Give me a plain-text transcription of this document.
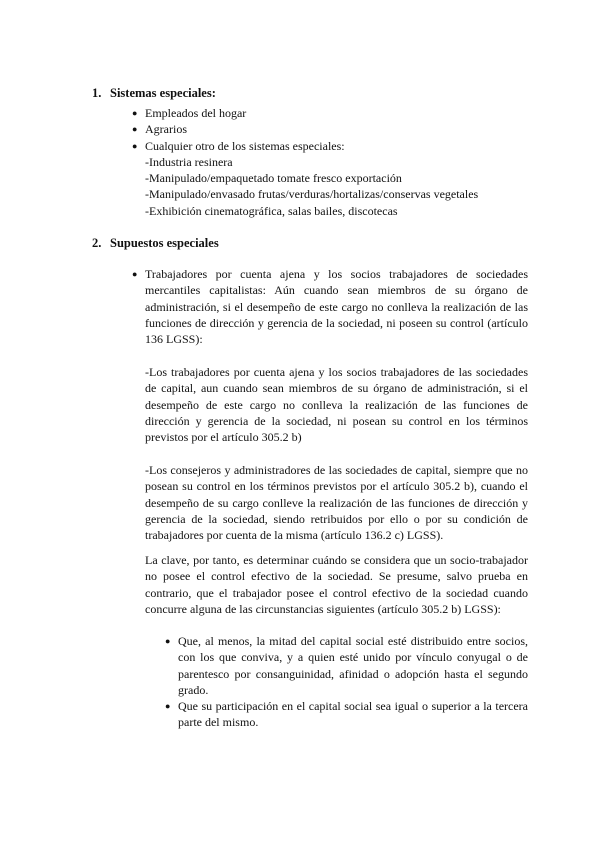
1. Sistemas especiales:
● Empleados del hogar
● Agrarios
● Cualquier otro de los sistemas especiales:
-Industria resinera
-Manipulado/empaquetado tomate fresco exportación
-Manipulado/envasado frutas/verduras/hortalizas/conservas vegetales
-Exhibición cinematográfica, salas bailes, discotecas
2. Supuestos especiales
● Trabajadores por cuenta ajena y los socios trabajadores de sociedades mercantiles capitalistas: Aún cuando sean miembros de su órgano de administración, si el desempeño de este cargo no conlleva la realización de las funciones de dirección y gerencia de la sociedad, ni poseen su control (artículo 136 LGSS):
-Los trabajadores por cuenta ajena y los socios trabajadores de las sociedades de capital, aun cuando sean miembros de su órgano de administración, si el desempeño de este cargo no conlleva la realización de las funciones de dirección y gerencia de la sociedad, ni posean su control en los términos previstos por el artículo 305.2 b)
-Los consejeros y administradores de las sociedades de capital, siempre que no posean su control en los términos previstos por el artículo 305.2 b), cuando el desempeño de su cargo conlleve la realización de las funciones de dirección y gerencia de la sociedad, siendo retribuidos por ello o por su condición de trabajadores por cuenta de la misma (artículo 136.2 c) LGSS).
La clave, por tanto, es determinar cuándo se considera que un socio-trabajador no posee el control efectivo de la sociedad. Se presume, salvo prueba en contrario, que el trabajador posee el control efectivo de la sociedad cuando concurre alguna de las circunstancias siguientes (artículo 305.2 b) LGSS):
● Que, al menos, la mitad del capital social esté distribuido entre socios, con los que conviva, y a quien esté unido por vínculo conyugal o de parentesco por consanguinidad, afinidad o adopción hasta el segundo grado.
● Que su participación en el capital social sea igual o superior a la tercera parte del mismo.
